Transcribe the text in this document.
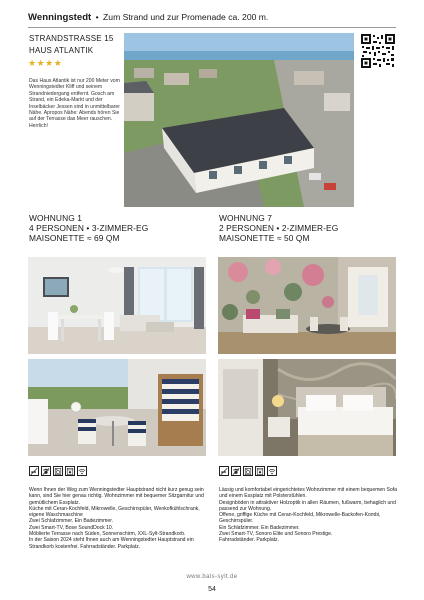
Wenningstedt • Zum Strand und zur Promenade ca. 200 m.
STRANDSTRASSE 15
HAUS ATLANTIK
★★★★
Das Haus Atlantik ist nur 200 Meter vom Wenningstedter Kliff und seinem Strandniedergang entfernt. Gosch am Strand, ein Edeka-Markt und der Inselbäcker Jessen sind in unmittelbarer Nähe. Apropos Nähe: Abends hören Sie auf der Terrasse das Meer rauschen. Herrlich!
WOHNUNG 1
4 PERSONEN • 3-ZIMMER-EG
MAISONETTE ≈ 69 QM
WOHNUNG 7
2 PERSONEN • 2-ZIMMER-EG
MAISONETTE ≈ 50 QM

Wenn Ihnen der Weg zum Wenningstedter Hauptstrand nicht kurz genug sein kann, sind Sie hier genau richtig. Wohnzimmer mit bequemer Sitzgarnitur und gemütlichem Essplatz.

Küche mit Ceran-Kochfeld, Mikrowelle, Geschirrspüler, Wenkofkühlschrank, eigene Waschmaschine

Zwei Schlafzimmer. Ein Badezimmer.

Zwei Smart-TV, Bose SoundDock 10.

Möblierte Terrasse nach Süden, Sonnenschirm, XXL-Sylt-Strandkorb.

In der Saison 2024 steht Ihnen auch am Wenningstedter Hauptstrand ein Strandkorb kostenfrei. Fahrradständer. Parkplatz.

Lässig und komfortabel eingerichtetes Wohnzimmer mit einem bequemen Sofa und einem Essplatz mit Polsterstühlen.

Designböden in attraktiver Holzoptik in allen Räumen, fußwarm, behaglich und passend zur Wohnung.

Offene, griffige Küche mit Ceran-Kochfeld, Mikrowelle-Backofen-Kombi, Geschirrspüler.

Ein Schlafzimmer. Ein Badezimmer.

Zwei Smart-TV, Sonoro Elite und Sonoro Prestige.

Fahrradständer. Parkplatz.

www.bals-sylt.de
54
